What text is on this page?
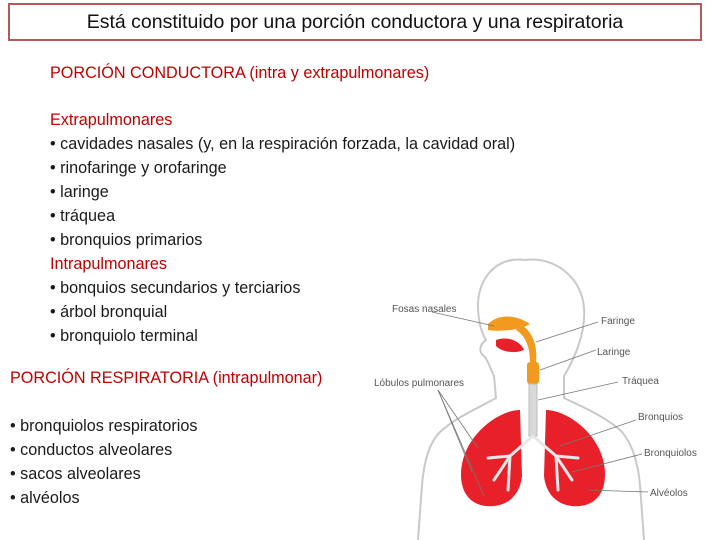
Está constituido por una porción conductora y una respiratoria
PORCIÓN CONDUCTORA (intra y extrapulmonares)
Extrapulmonares
• cavidades nasales (y, en la respiración forzada, la cavidad oral)
• rinofaringe y orofaringe
• laringe
• tráquea
• bronquios primarios
Intrapulmonares
• bonquios secundarios y terciarios
• árbol bronquial
• bronquiolo terminal
PORCIÓN RESPIRATORIA (intrapulmonar)
• bronquiolos respiratorios
• conductos alveolares
• sacos alveolares
• alvéolos
Fosas nasales
Faringe
Laringe
Lóbulos pulmonares	Tráquea
Bronquios
Bronquiolos
Alvéolos
